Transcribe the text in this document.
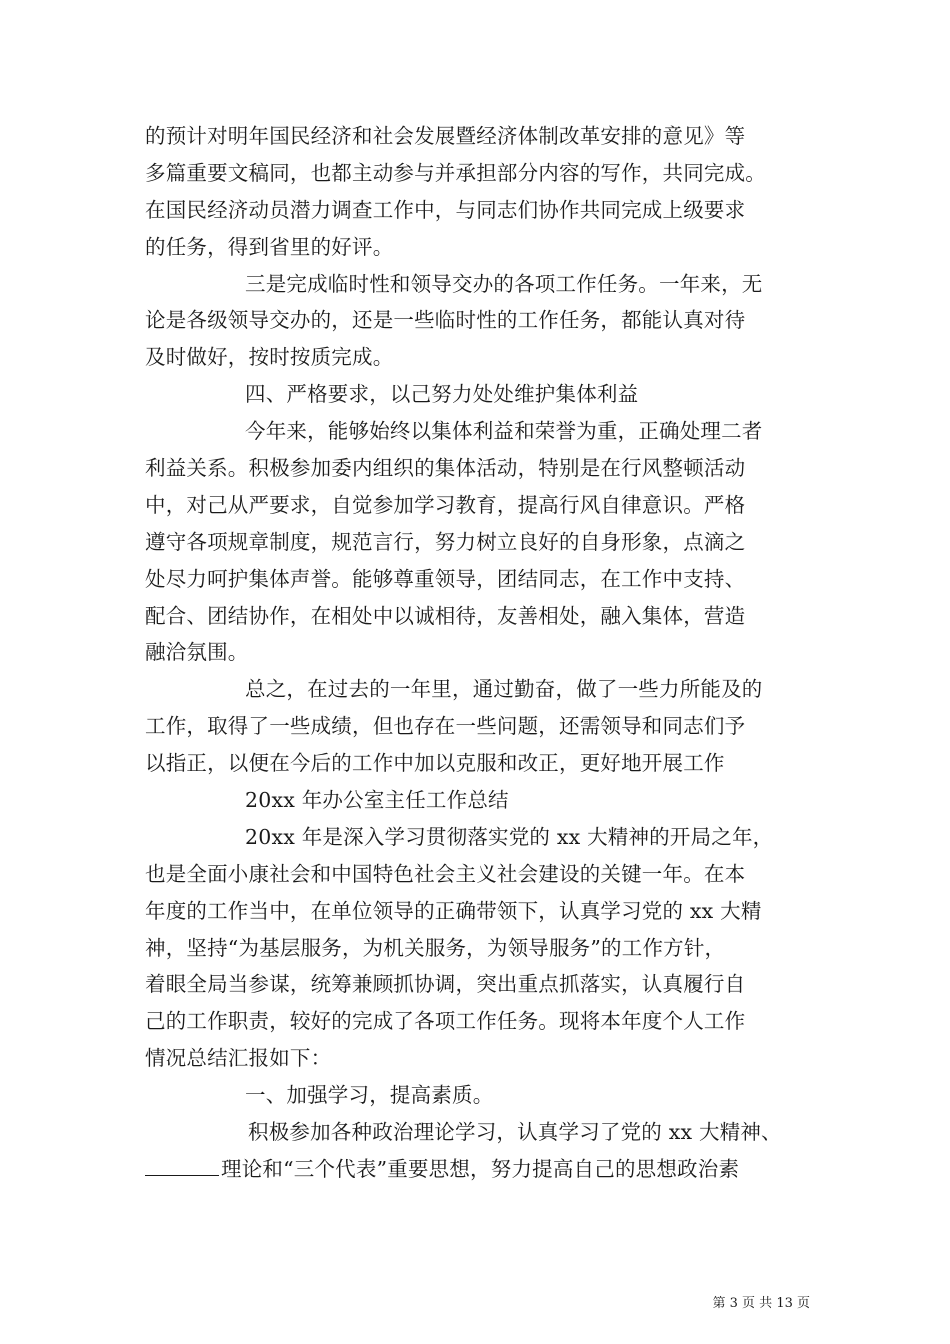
的预计对明年国民经济和社会发展暨经济体制改革安排的意见》等
多篇重要文稿同，也都主动参与并承担部分内容的写作，共同完成。
在国民经济动员潜力调查工作中，与同志们协作共同完成上级要求
的任务，得到省里的好评。
三是完成临时性和领导交办的各项工作任务。一年来，无
论是各级领导交办的，还是一些临时性的工作任务，都能认真对待
及时做好，按时按质完成。
四、严格要求，以己努力处处维护集体利益
今年来，能够始终以集体利益和荣誉为重，正确处理二者
利益关系。积极参加委内组织的集体活动，特别是在行风整顿活动
中，对己从严要求，自觉参加学习教育，提高行风自律意识。严格
遵守各项规章制度，规范言行，努力树立良好的自身形象，点滴之
处尽力呵护集体声誉。能够尊重领导，团结同志，在工作中支持、
配合、团结协作，在相处中以诚相待，友善相处，融入集体，营造
融洽氛围。
总之，在过去的一年里，通过勤奋，做了一些力所能及的
工作，取得了一些成绩，但也存在一些问题，还需领导和同志们予
以指正，以便在今后的工作中加以克服和改正，更好地开展工作
20xx 年办公室主任工作总结
20xx 年是深入学习贯彻落实党的 xx 大精神的开局之年，
也是全面小康社会和中国特色社会主义社会建设的关键一年。在本
年度的工作当中，在单位领导的正确带领下，认真学习党的 xx 大精
神，坚持“为基层服务，为机关服务，为领导服务”的工作方针，
着眼全局当参谋，统筹兼顾抓协调，突出重点抓落实，认真履行自
己的工作职责，较好的完成了各项工作任务。现将本年度个人工作
情况总结汇报如下：
一、加强学习，提高素质。
积极参加各种政治理论学习，认真学习了党的 xx 大精神、
理论和“三个代表”重要思想，努力提高自己的思想政治素
第 3 页 共 13 页
